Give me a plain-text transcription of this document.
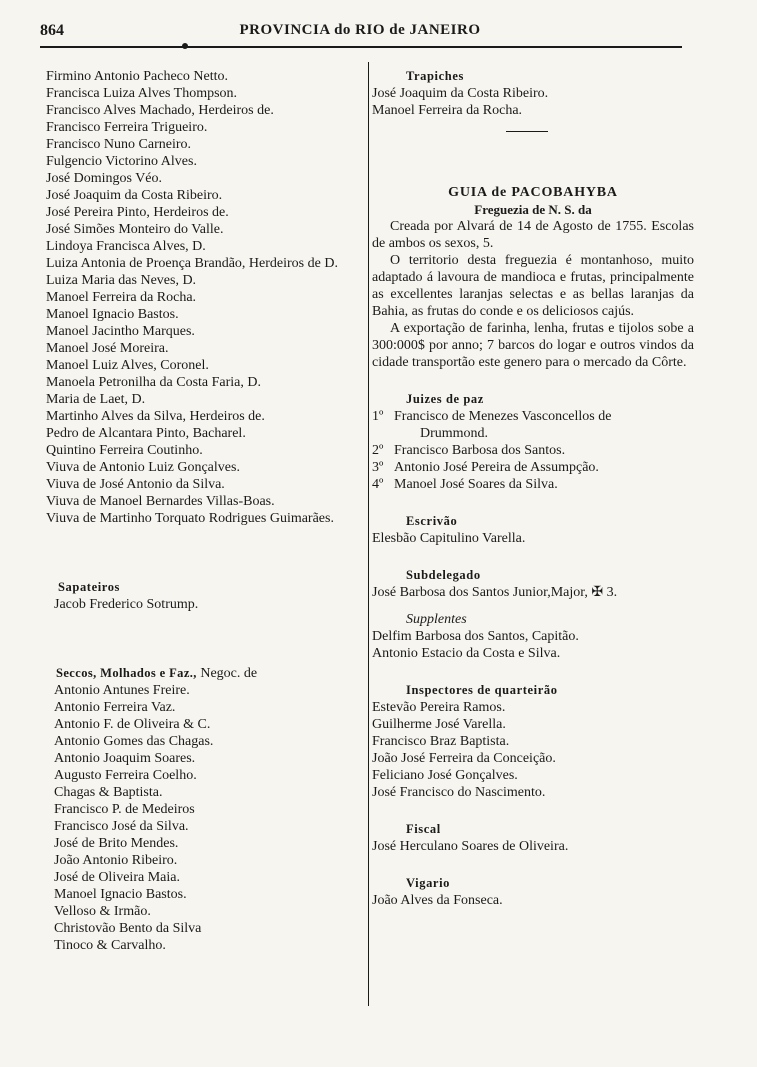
864	PROVINCIA do RIO de JANEIRO
Firmino Antonio Pacheco Netto.
Francisca Luiza Alves Thompson.
Francisco Alves Machado, Herdeiros de.
Francisco Ferreira Trigueiro.
Francisco Nuno Carneiro.
Fulgencio Victorino Alves.
José Domingos Véo.
José Joaquim da Costa Ribeiro.
José Pereira Pinto, Herdeiros de.
José Simões Monteiro do Valle.
Lindoya Francisca Alves, D.
Luiza Antonia de Proença Brandão, Herdeiros de D.
Luiza Maria das Neves, D.
Manoel Ferreira da Rocha.
Manoel Ignacio Bastos.
Manoel Jacintho Marques.
Manoel José Moreira.
Manoel Luiz Alves, Coronel.
Manoela Petronilha da Costa Faria, D.
Maria de Laet, D.
Martinho Alves da Silva, Herdeiros de.
Pedro de Alcantara Pinto, Bacharel.
Quintino Ferreira Coutinho.
Viuva de Antonio Luiz Gonçalves.
Viuva de José Antonio da Silva.
Viuva de Manoel Bernardes Villas-Boas.
Viuva de Martinho Torquato Rodrigues Guimarães.
Sapateiros
Jacob Frederico Sotrump.
Seccos, Molhados e Faz., Negoc. de
Antonio Antunes Freire.
Antonio Ferreira Vaz.
Antonio F. de Oliveira & C.
Antonio Gomes das Chagas.
Antonio Joaquim Soares.
Augusto Ferreira Coelho.
Chagas & Baptista.
Francisco P. de Medeiros
Francisco José da Silva.
José de Brito Mendes.
João Antonio Ribeiro.
José de Oliveira Maia.
Manoel Ignacio Bastos.
Velloso & Irmão.
Christovão Bento da Silva
Tinoco & Carvalho.
Trapiches
José Joaquim da Costa Ribeiro.
Manoel Ferreira da Rocha.
GUIA de PACOBAHYBA
Freguezia de N. S. da
Creada por Alvará de 14 de Agosto de 1755. Escolas de ambos os sexos, 5.
O territorio desta freguezia é montanhoso, muito adaptado á lavoura de mandioca e frutas, principalmente as excellentes laranjas selectas e as bellas laranjas da Bahia, as frutas do conde e os deliciosos cajús.
A exportação de farinha, lenha, frutas e tijolos sobe a 300:000$ por anno; 7 barcos do logar e outros vindos da cidade transportão este genero para o mercado da Côrte.
Juizes de paz
1º Francisco de Menezes Vasconcellos de
Drummond.
2º Francisco Barbosa dos Santos.
3º Antonio José Pereira de Assumpção.
4º Manoel José Soares da Silva.
Escrivão
Elesbão Capitulino Varella.
Subdelegado
José Barbosa dos Santos Junior,Major, ✠ 3.
Supplentes
Delfim Barbosa dos Santos, Capitão.
Antonio Estacio da Costa e Silva.
Inspectores de quarteirão
Estevão Pereira Ramos.
Guilherme José Varella.
Francisco Braz Baptista.
João José Ferreira da Conceição.
Feliciano José Gonçalves.
José Francisco do Nascimento.
Fiscal
José Herculano Soares de Oliveira.
Vigario
João Alves da Fonseca.
